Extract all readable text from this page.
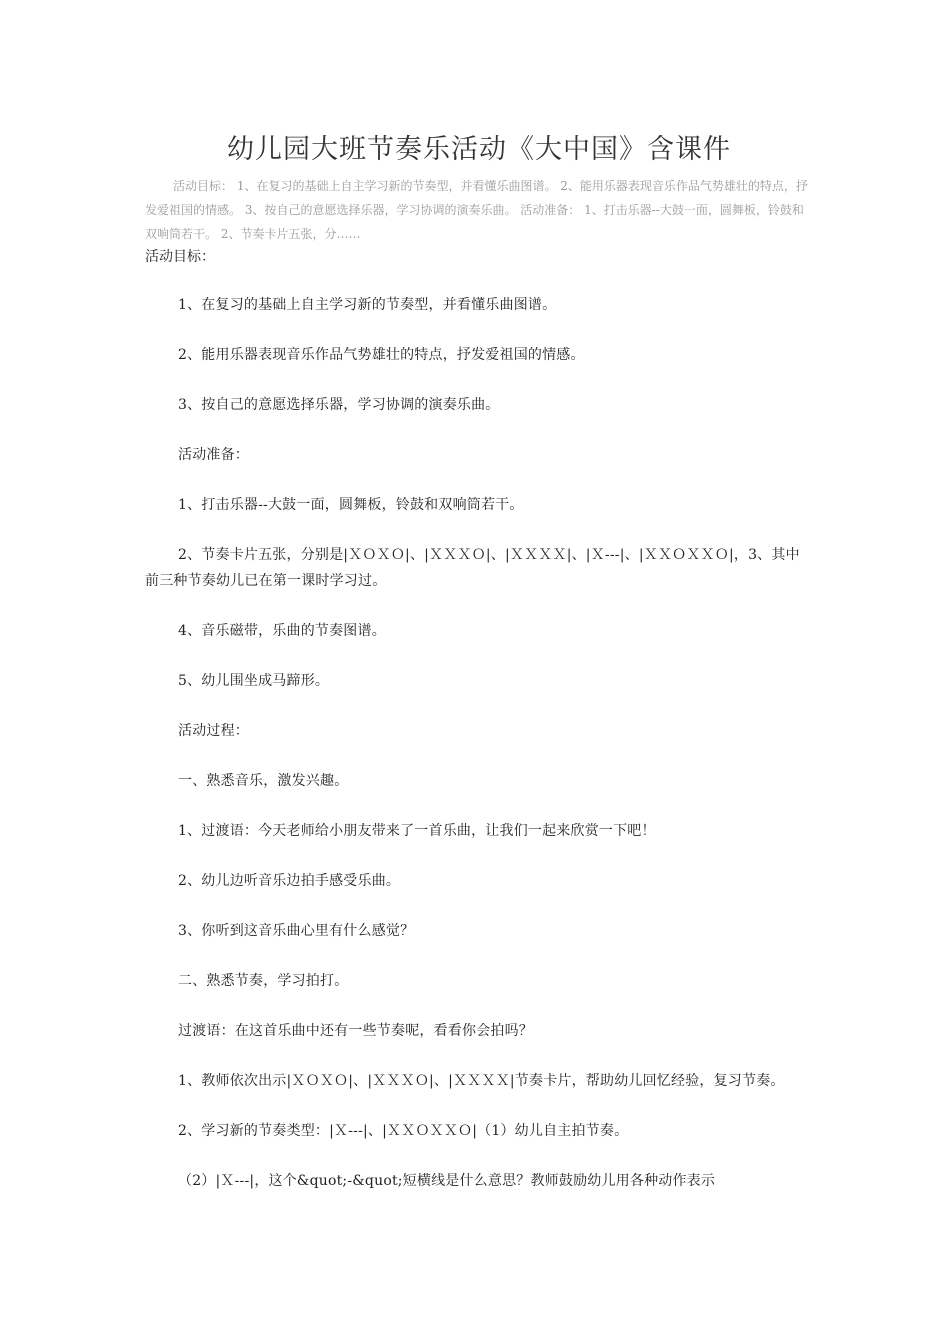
幼儿园大班节奏乐活动《大中国》含课件

活动目标： 1、在复习的基础上自主学习新的节奏型，并看懂乐曲图谱。 2、能用乐器表现音乐作品气势雄壮的特点，抒发爱祖国的情感。 3、按自己的意愿选择乐器，学习协调的演奏乐曲。 活动准备： 1、打击乐器--大鼓一面，圆舞板，铃鼓和双响筒若干。 2、节奏卡片五张，分……

活动目标：

1、在复习的基础上自主学习新的节奏型，并看懂乐曲图谱。

2、能用乐器表现音乐作品气势雄壮的特点，抒发爱祖国的情感。

3、按自己的意愿选择乐器，学习协调的演奏乐曲。

活动准备：

1、打击乐器--大鼓一面，圆舞板，铃鼓和双响筒若干。

2、节奏卡片五张，分别是|ＸＯＸＯ|、|ＸＸＸＯ|、|ＸＸＸＸ|、|Ｘ---|、|ＸＸＯＸＸＯ|，3、其中前三种节奏幼儿已在第一课时学习过。

4、音乐磁带，乐曲的节奏图谱。

5、幼儿围坐成马蹄形。

活动过程：

一、熟悉音乐，激发兴趣。

1、过渡语：今天老师给小朋友带来了一首乐曲，让我们一起来欣赏一下吧！

2、幼儿边听音乐边拍手感受乐曲。

3、你听到这音乐曲心里有什么感觉？

二、熟悉节奏，学习拍打。

过渡语：在这首乐曲中还有一些节奏呢，看看你会拍吗？

1、教师依次出示|ＸＯＸＯ|、|ＸＸＸＯ|、|ＸＸＸＸ|节奏卡片，帮助幼儿回忆经验，复习节奏。

2、学习新的节奏类型：|Ｘ---|、|ＸＸＯＸＸＯ|（1）幼儿自主拍节奏。

（2）|Ｘ---|，这个&quot;-&quot;短横线是什么意思？教师鼓励幼儿用各种动作表示
